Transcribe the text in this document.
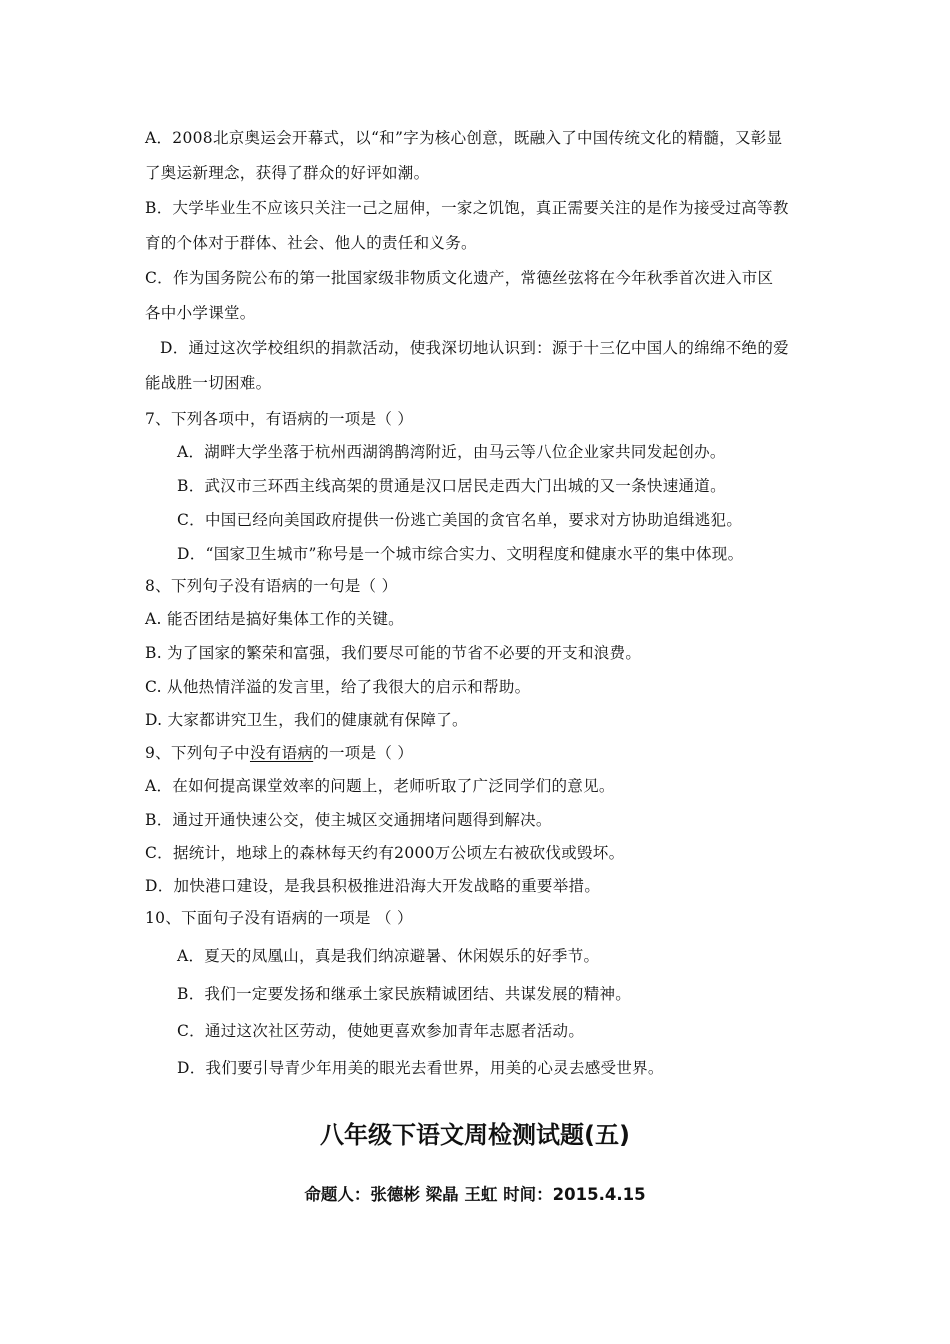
A．2008北京奥运会开幕式，以“和”字为核心创意，既融入了中国传统文化的精髓，又彰显
了奥运新理念，获得了群众的好评如潮。
B．大学毕业生不应该只关注一己之屈伸，一家之饥饱，真正需要关注的是作为接受过高等教
育的个体对于群体、社会、他人的责任和义务。
C．作为国务院公布的第一批国家级非物质文化遗产，常德丝弦将在今年秋季首次进入市区
各中小学课堂。
D．通过这次学校组织的捐款活动，使我深切地认识到：源于十三亿中国人的绵绵不绝的爱
能战胜一切困难。
7、下列各项中，有语病的一项是（ ）
A．湖畔大学坐落于杭州西湖鹆鹊湾附近，由马云等八位企业家共同发起创办。
B．武汉市三环西主线高架的贯通是汉口居民走西大门出城的又一条快速通道。
C．中国已经向美国政府提供一份逃亡美国的贪官名单，要求对方协助追缉逃犯。
D．“国家卫生城市”称号是一个城市综合实力、文明程度和健康水平的集中体现。
8、下列句子没有语病的一句是（ ）
A. 能否团结是搞好集体工作的关键。
B. 为了国家的繁荣和富强，我们要尽可能的节省不必要的开支和浪费。
C. 从他热情洋溢的发言里，给了我很大的启示和帮助。
D. 大家都讲究卫生，我们的健康就有保障了。
9、下列句子中没有语病的一项是（ ）
A．在如何提高课堂效率的问题上，老师听取了广泛同学们的意见。
B．通过开通快速公交，使主城区交通拥堵问题得到解决。
C．据统计，地球上的森林每天约有2000万公顷左右被砍伐或毁坏。
D．加快港口建设，是我县积极推进沿海大开发战略的重要举措。
10、下面句子没有语病的一项是 （ ）
A．夏天的凤凰山，真是我们纳凉避暑、休闲娱乐的好季节。
B．我们一定要发扬和继承土家民族精诚团结、共谋发展的精神。
C．通过这次社区劳动，使她更喜欢参加青年志愿者活动。
D．我们要引导青少年用美的眼光去看世界，用美的心灵去感受世界。
八年级下语文周检测试题(五)
命题人：张德彬 梁晶 王虹 时间：2015.4.15
